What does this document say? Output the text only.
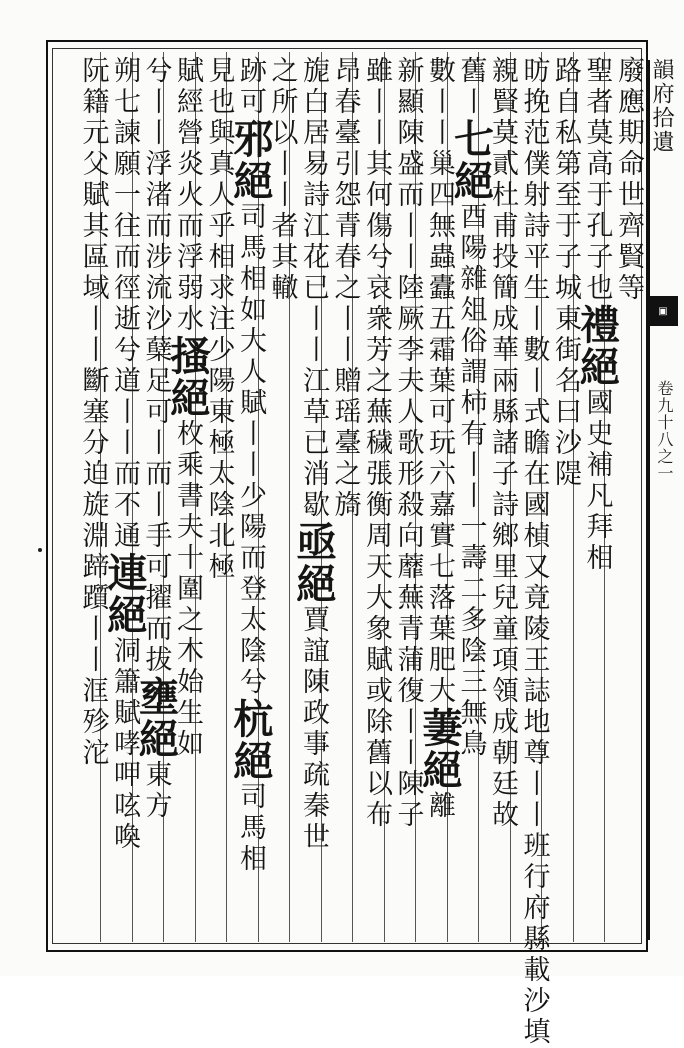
韻府拾遺
▣
卷九十八之一
廢應期命世齊賢等
聖者莫高于孔子也禮絕國史補凡拜相
路自私第至于子城東街名曰沙隄
昉挽范僕射詩平生丨數丨式瞻在國楨又竟陵王誌地尊丨丨班行府縣載沙填
親賢莫貳杜甫投簡成華兩縣諸子詩鄉里兒童項領成朝廷故
舊丨七絕酉陽雜俎俗謂柿有丨丨一壽二多陰三無鳥
數丨丨巢四無蟲蠹五霜葉可玩六嘉實七落葉肥大萋絕離
新顯陳盛而丨丨陸厥李夫人歌形殺向蘼蕪青蒲復丨丨陳子
雖丨丨其何傷兮哀衆芳之蕪穢張衡周天大象賦或除舊以布
昂春臺引怨青春之丨丨贈瑶臺之旖
旎白居易詩江花已丨丨江草已消歇亟絕賈誼陳政事疏秦世
之所以丨丨者其轍
跡可邪絕司馬相如大人賦丨丨少陽而登太陰兮杭絕司馬相
見也與真人乎相求注少陽東極太陰北極
賦經營炎火而浮弱水搔絕枚乘書夫十圍之木始生如
兮丨丨浮渚而涉流沙蘖足可丨而丨手可擢而拔壅絕東方
朔七諫願一往而徑逝兮道丨丨而不通連絕洞簫賦哮呷呟喚
阮籍元父賦其區域丨丨斷塞分迫旋淵蹄躓丨丨洭殄沱
